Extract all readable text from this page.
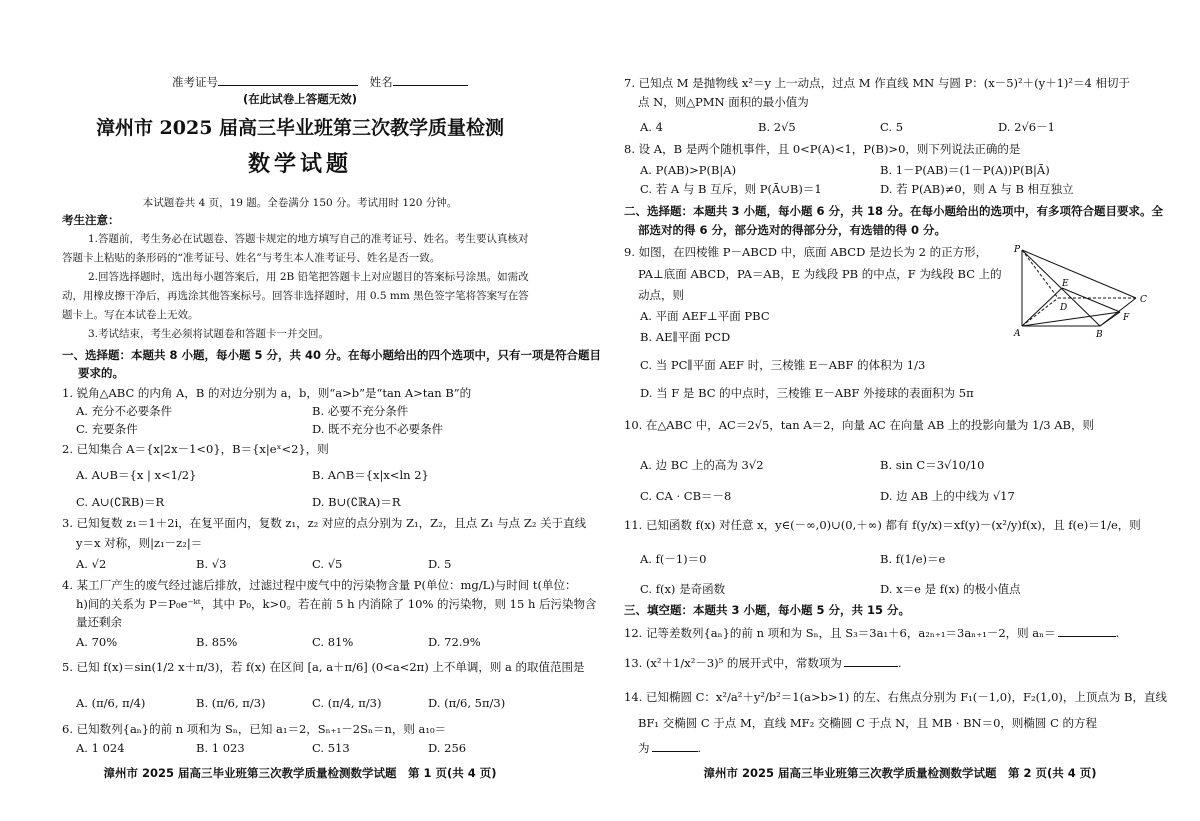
准考证号	姓名
(在此试卷上答题无效)
漳州市 2025 届高三毕业班第三次教学质量检测
数学试题
本试题卷共 4 页，19 题。全卷满分 150 分。考试用时 120 分钟。
考生注意：
1.答题前，考生务必在试题卷、答题卡规定的地方填写自己的准考证号、姓名。考生要认真核对
答题卡上粘贴的条形码的“准考证号、姓名”与考生本人准考证号、姓名是否一致。
2.回答选择题时，选出每小题答案后，用 2B 铅笔把答题卡上对应题目的答案标号涂黑。如需改
动，用橡皮擦干净后，再选涂其他答案标号。回答非选择题时，用 0.5 mm 黑色签字笔将答案写在答
题卡上。写在本试卷上无效。
3.考试结束，考生必须将试题卷和答题卡一并交回。
一、选择题：本题共 8 小题，每小题 5 分，共 40 分。在每小题给出的四个选项中，只有一项是符合题目
要求的。
1. 锐角△ABC 的内角 A，B 的对边分别为 a，b，则“a>b”是“tan A>tan B”的
A. 充分不必要条件	B. 必要不充分条件
C. 充要条件	D. 既不充分也不必要条件
2. 已知集合 A＝{x|2x－1<0}，B＝{x|eˣ<2}，则
A. A∪B＝{x | x<1/2}	B. A∩B＝{x|x<ln 2}
C. A∪(∁ℝB)＝R	D. B∪(∁ℝA)＝R
3. 已知复数 z₁＝1＋2i，在复平面内，复数 z₁，z₂ 对应的点分别为 Z₁，Z₂，且点 Z₁ 与点 Z₂ 关于直线
y＝x 对称，则|z₁－z₂|＝
A. √2	B. √3	C. √5	D. 5
4. 某工厂产生的废气经过滤后排放，过滤过程中废气中的污染物含量 P(单位：mg/L)与时间 t(单位：
h)间的关系为 P＝P₀e⁻ᵏᵗ，其中 P₀，k>0。若在前 5 h 内消除了 10% 的污染物，则 15 h 后污染物含
量还剩余
A. 70%	B. 85%	C. 81%	D. 72.9%
5. 已知 f(x)＝sin(1/2 x＋π/3)，若 f(x) 在区间 [a, a＋π/6] (0<a<2π) 上不单调，则 a 的取值范围是
A. (π/6, π/4)	B. (π/6, π/3)	C. (π/4, π/3)	D. (π/6, 5π/3)
6. 已知数列{aₙ}的前 n 项和为 Sₙ，已知 a₁＝2，Sₙ₊₁－2Sₙ＝n，则 a₁₀＝
A. 1 024	B. 1 023	C. 513	D. 256
漳州市 2025 届高三毕业班第三次教学质量检测数学试题　第 1 页(共 4 页)
7. 已知点 M 是抛物线 x²＝y 上一动点，过点 M 作直线 MN 与圆 P：(x－5)²＋(y＋1)²＝4 相切于
点 N，则△PMN 面积的最小值为
A. 4	B. 2√5	C. 5	D. 2√6－1
8. 设 A，B 是两个随机事件，且 0<P(A)<1，P(B)>0，则下列说法正确的是
A. P(AB)>P(B|A)	B. 1－P(AB)＝(1－P(A))P(B|Ā)
C. 若 A 与 B 互斥，则 P(Ā∪B)＝1	D. 若 P(AB)≠0，则 A 与 B 相互独立
二、选择题：本题共 3 小题，每小题 6 分，共 18 分。在每小题给出的选项中，有多项符合题目要求。全
部选对的得 6 分，部分选对的得部分分，有选错的得 0 分。
9. 如图，在四棱锥 P－ABCD 中，底面 ABCD 是边长为 2 的正方形，
PA⊥底面 ABCD，PA＝AB，E 为线段 PB 的中点，F 为线段 BC 上的
动点，则
A. 平面 AEF⊥平面 PBC
B. AE∥平面 PCD
C. 当 PC∥平面 AEF 时，三棱锥 E－ABF 的体积为 1/3
D. 当 F 是 BC 的中点时，三棱锥 E－ABF 外接球的表面积为 5π
P
E
D
C
A	B
F
10. 在△ABC 中，AC＝2√5，tan A＝2，向量 AC 在向量 AB 上的投影向量为 1/3 AB，则
A. 边 BC 上的高为 3√2	B. sin C＝3√10/10
C. CA · CB＝－8	D. 边 AB 上的中线为 √17
11. 已知函数 f(x) 对任意 x，y∈(－∞,0)∪(0,＋∞) 都有 f(y/x)＝xf(y)－(x²/y)f(x)，且 f(e)＝1/e，则
A. f(－1)＝0	B. f(1/e)＝e
C. f(x) 是奇函数	D. x＝e 是 f(x) 的极小值点
三、填空题：本题共 3 小题，每小题 5 分，共 15 分。
12. 记等差数列{aₙ}的前 n 项和为 Sₙ，且 S₃＝3a₁＋6，a₂ₙ₊₁＝3aₙ₊₁－2，则 aₙ＝	.
13. (x²＋1/x²－3)⁵ 的展开式中，常数项为	.
14. 已知椭圆 C：x²/a²＋y²/b²＝1(a>b>1) 的左、右焦点分别为 F₁(－1,0)，F₂(1,0)，上顶点为 B，直线
BF₁ 交椭圆 C 于点 M，直线 MF₂ 交椭圆 C 于点 N，且 MB · BN＝0，则椭圆 C 的方程
为	.
漳州市 2025 届高三毕业班第三次教学质量检测数学试题　第 2 页(共 4 页)
